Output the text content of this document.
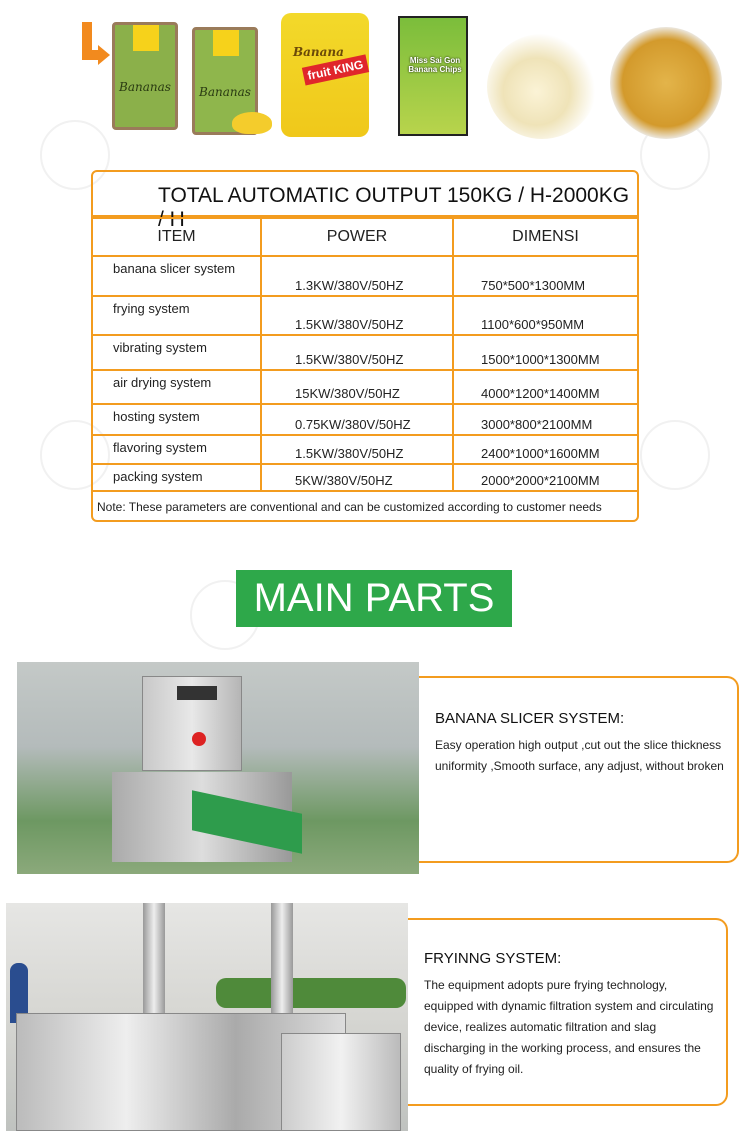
Bananas	Bananas
Banana
fruit KING	Miss Sai Gon Banana Chips
TOTAL AUTOMATIC OUTPUT 150KG / H-2000KG / H
ITEM	POWER	DIMENSI
banana slicer system	1.3KW/380V/50HZ	750*500*1300MM
frying system	1.5KW/380V/50HZ	1100*600*950MM
vibrating system	1.5KW/380V/50HZ	1500*1000*1300MM
air drying system	15KW/380V/50HZ	4000*1200*1400MM
hosting system	0.75KW/380V/50HZ	3000*800*2100MM
flavoring system	1.5KW/380V/50HZ	2400*1000*1600MM
packing system	5KW/380V/50HZ	2000*2000*2100MM
Note: These parameters are conventional and can be customized according to customer needs
MAIN PARTS
BANANA SLICER SYSTEM:

Easy operation high output ,cut out the slice thickness uniformity ,Smooth surface, any adjust, without broken

FRYINNG SYSTEM:

The equipment adopts pure frying technology, equipped with dynamic filtration system and circulating device, realizes automatic filtration and slag discharging in the working process, and ensures the quality of frying oil.
